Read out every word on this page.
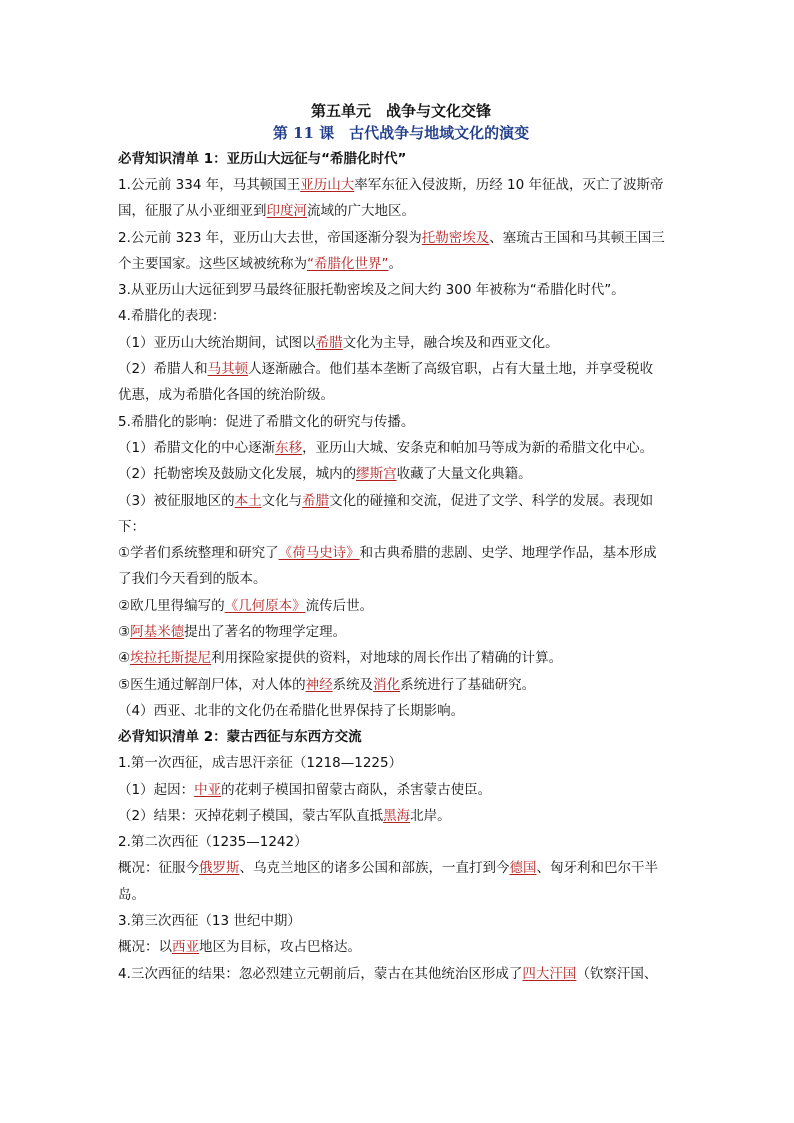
第五单元　战争与文化交锋
第 11 课　古代战争与地域文化的演变
必背知识清单 1：亚历山大远征与“希腊化时代”

1.公元前 334 年，马其顿国王亚历山大率军东征入侵波斯，历经 10 年征战，灭亡了波斯帝

国，征服了从小亚细亚到印度河流域的广大地区。

2.公元前 323 年，亚历山大去世，帝国逐渐分裂为托勒密埃及、塞琉古王国和马其顿王国三

个主要国家。这些区域被统称为“希腊化世界”。

3.从亚历山大远征到罗马最终征服托勒密埃及之间大约 300 年被称为“希腊化时代”。

4.希腊化的表现：

（1）亚历山大统治期间，试图以希腊文化为主导，融合埃及和西亚文化。

（2）希腊人和马其顿人逐渐融合。他们基本垄断了高级官职，占有大量土地，并享受税收

优惠，成为希腊化各国的统治阶级。

5.希腊化的影响：促进了希腊文化的研究与传播。

（1）希腊文化的中心逐渐东移，亚历山大城、安条克和帕加马等成为新的希腊文化中心。

（2）托勒密埃及鼓励文化发展，城内的缪斯宫收藏了大量文化典籍。

（3）被征服地区的本土文化与希腊文化的碰撞和交流，促进了文学、科学的发展。表现如

下：

①学者们系统整理和研究了《荷马史诗》和古典希腊的悲剧、史学、地理学作品，基本形成

了我们今天看到的版本。

②欧几里得编写的《几何原本》流传后世。

③阿基米德提出了著名的物理学定理。

④埃拉托斯提尼利用探险家提供的资料，对地球的周长作出了精确的计算。

⑤医生通过解剖尸体，对人体的神经系统及消化系统进行了基础研究。

（4）西亚、北非的文化仍在希腊化世界保持了长期影响。

必背知识清单 2：蒙古西征与东西方交流

1.第一次西征，成吉思汗亲征（1218—1225）

（1）起因：中亚的花剌子模国扣留蒙古商队，杀害蒙古使臣。

（2）结果：灭掉花剌子模国，蒙古军队直抵黑海北岸。

2.第二次西征（1235—1242）

概况：征服今俄罗斯、乌克兰地区的诸多公国和部族，一直打到今德国、匈牙利和巴尔干半

岛。

3.第三次西征（13 世纪中期）

概况：以西亚地区为目标，攻占巴格达。

4.三次西征的结果：忽必烈建立元朝前后，蒙古在其他统治区形成了四大汗国（钦察汗国、
